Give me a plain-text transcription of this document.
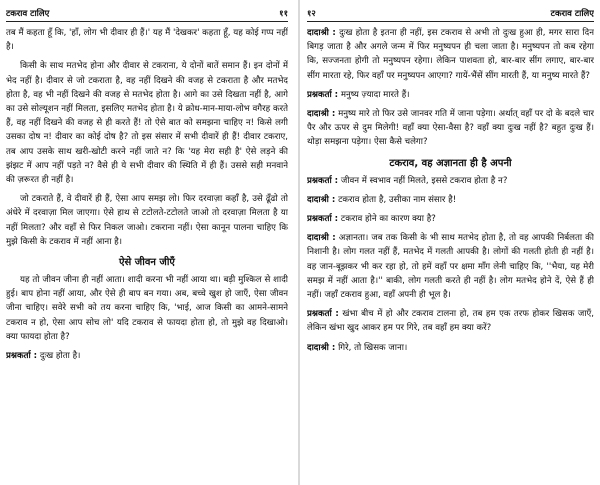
टकराव टालिए	११

तब मैं कहता हूँ कि, 'हाँ, लोग भी दीवार ही हैं।' यह मैं 'देखकर' कहता हूँ, यह कोई गप्प नहीं है।

किसी के साथ मतभेद होना और दीवार से टकराना, ये दोनों बातें समान हैं। इन दोनों में भेद नहीं है। दीवार से जो टकराता है, वह नहीं दिखने की वजह से टकराता है और मतभेद होता है, वह भी नहीं दिखने की वजह से मतभेद होता है। आगे का उसे दिखता नहीं है, आगे का उसे सोल्यूशन नहीं मिलता, इसलिए मतभेद होता है। ये क्रोध-मान-माया-लोभ वगैरह करते हैं, वह नहीं दिखने की वजह से ही करते हैं! तो ऐसे बात को समझना चाहिए न! किसे लगी उसका दोष न! दीवार का कोई दोष है? तो इस संसार में सभी दीवारें ही हैं! दीवार टकराए, तब आप उसके साथ खरी-खोटी करने नहीं जाते न? कि 'यह मेरा सही है' ऐसे लड़ने की झंझट में आप नहीं पड़ते न? वैसे ही ये सभी दीवार की स्थिति में ही हैं। उससे सही मनवाने की ज़रूरत ही नहीं है।

जो टकराते हैं, वे दीवारें ही हैं, ऐसा आप समझ लो। फिर दरवाज़ा कहाँ है, उसे ढूँढो तो अंधेरे में दरवाज़ा मिल जाएगा। ऐसे हाथ से टटोलते-टटोलते जाओ तो दरवाज़ा मिलता है या नहीं मिलता? और वहाँ से फिर निकल जाओ। टकराना नहीं। ऐसा कानून पालना चाहिए कि मुझे किसी के टकराव में नहीं आना है।

ऐसे जीवन जीएँ

यह तो जीवन जीना ही नहीं आता। शादी करना भी नहीं आया था। बड़ी मुश्किल से शादी हुई। बाप होना नहीं आया, और ऐसे ही बाप बन गया। अब, बच्चे खुश हो जाएँ, ऐसा जीवन जीना चाहिए। सवेरे सभी को तय करना चाहिए कि, 'भाई, आज किसी का आमने-सामने टकराव न हो, ऐसा आप सोच लो' यदि टकराव से फायदा होता हो, तो मुझे वह दिखाओ। क्या फायदा होता है?

प्रश्नकर्ता : दुःख होता है।

१२	टकराव टालिए

दादाश्री : दुःख होता है इतना ही नहीं, इस टकराव से अभी तो दुःख हुआ ही, मगर सारा दिन बिगड़ जाता है और अगले जन्म में फिर मनुष्यपन ही चला जाता है। मनुष्यपन तो कब रहेगा कि, सज्जनता होगी तो मनुष्यपन रहेगा। लेकिन पाशवता हो, बार-बार सींग लगाए, बार-बार सींग मारता रहे, फिर वहाँ पर मनुष्यपन आएगा? गायें-भैंसें सींग मारती हैं, या मनुष्य मारते हैं?

प्रश्नकर्ता : मनुष्य ज़्यादा मारते हैं।

दादाश्री : मनुष्य मारे तो फिर उसे जानवर गति में जाना पड़ेगा। अर्थात् वहाँ पर दो के बदले चार पैर और ऊपर से दुम मिलेगी! वहाँ क्या ऐसा-वैसा है? वहाँ क्या दुःख नहीं है? बहुत दुःख हैं। थोड़ा समझना पड़ेगा। ऐसा कैसे चलेगा?

टकराव, वह अज्ञानता ही है अपनी

प्रश्नकर्ता : जीवन में स्वभाव नहीं मिलते, इससे टकराव होता है न?

दादाश्री : टकराव होता है, उसीका नाम संसार है!

प्रश्नकर्ता : टकराव होने का कारण क्या है?

दादाश्री : अज्ञानता। जब तक किसी के भी साथ मतभेद होता है, तो वह आपकी निर्बलता की निशानी है। लोग गलत नहीं हैं, मतभेद में गलती आपकी है। लोगों की गलती होती ही नहीं है। वह जान-बूझकर भी कर रहा हो, तो हमें वहाँ पर क्षमा माँग लेनी चाहिए कि, ''भैया, यह मेरी समझ में नहीं आता है।'' बाकी, लोग गलती करते ही नहीं है। लोग मतभेद होने दें, ऐसे हैं ही नहीं। जहाँ टकराव हुआ, वहाँ अपनी ही भूल है।

प्रश्नकर्ता : खंभा बीच में हो और टकराव टालना हो, तब हम एक तरफ होकर खिसक जाएँ, लेकिन खंभा खुद आकर हम पर गिरे, तब वहाँ हम क्या करें?

दादाश्री : गिरे, तो खिसक जाना।
